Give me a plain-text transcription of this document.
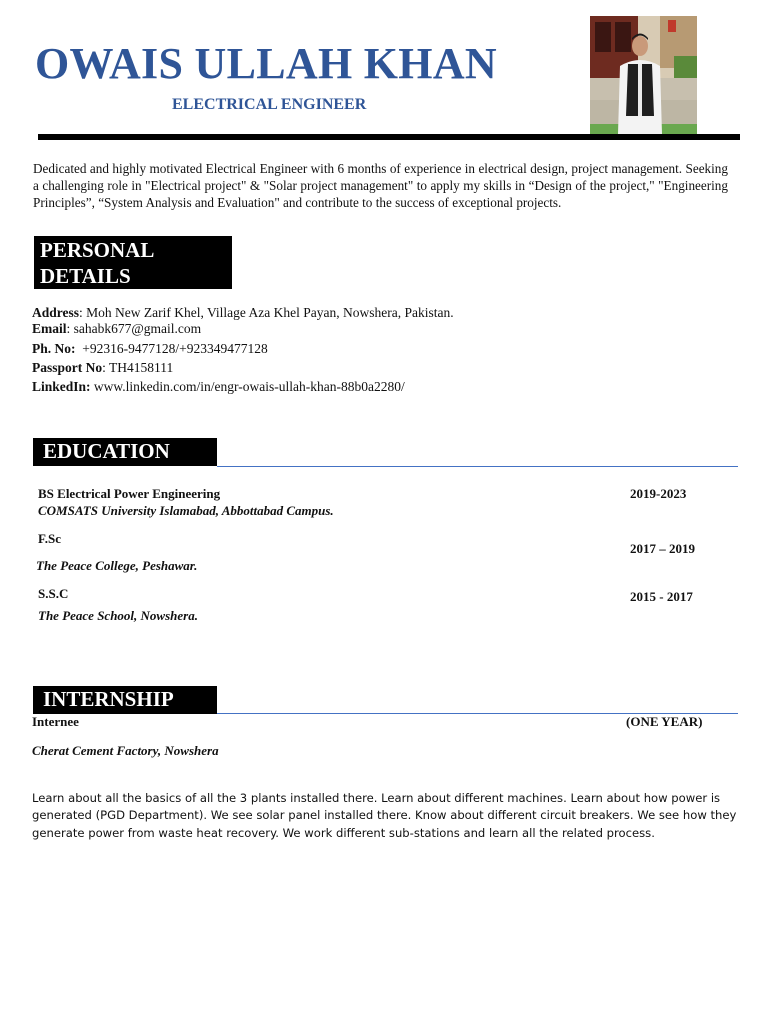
OWAIS ULLAH KHAN
ELECTRICAL ENGINEER
Dedicated and highly motivated Electrical Engineer with 6 months of experience in electrical design, project management. Seeking a challenging role in "Electrical project" & "Solar project management" to apply my skills in “Design of the project," "Engineering Principles”, “System Analysis and Evaluation" and contribute to the success of exceptional projects.
PERSONAL DETAILS
Address: Moh New Zarif Khel, Village Aza Khel Payan, Nowshera, Pakistan.
Email: sahabk677@gmail.com
Ph. No:  +92316-9477128/+923349477128
Passport No: TH4158111
LinkedIn: www.linkedin.com/in/engr-owais-ullah-khan-88b0a2280/
EDUCATION
BS Electrical Power Engineering
COMSATS University Islamabad, Abbottabad Campus.
2019-2023
F.Sc
The Peace College, Peshawar.
2017 – 2019
S.S.C
The Peace School, Nowshera.
2015 - 2017
INTERNSHIP
Internee	(ONE YEAR)
Cherat Cement Factory, Nowshera
Learn about all the basics of all the 3 plants installed there. Learn about different machines. Learn about how power is generated (PGD Department). We see solar panel installed there. Know about different circuit breakers. We see how they generate power from waste heat recovery. We work different sub-stations and learn all the related process.
